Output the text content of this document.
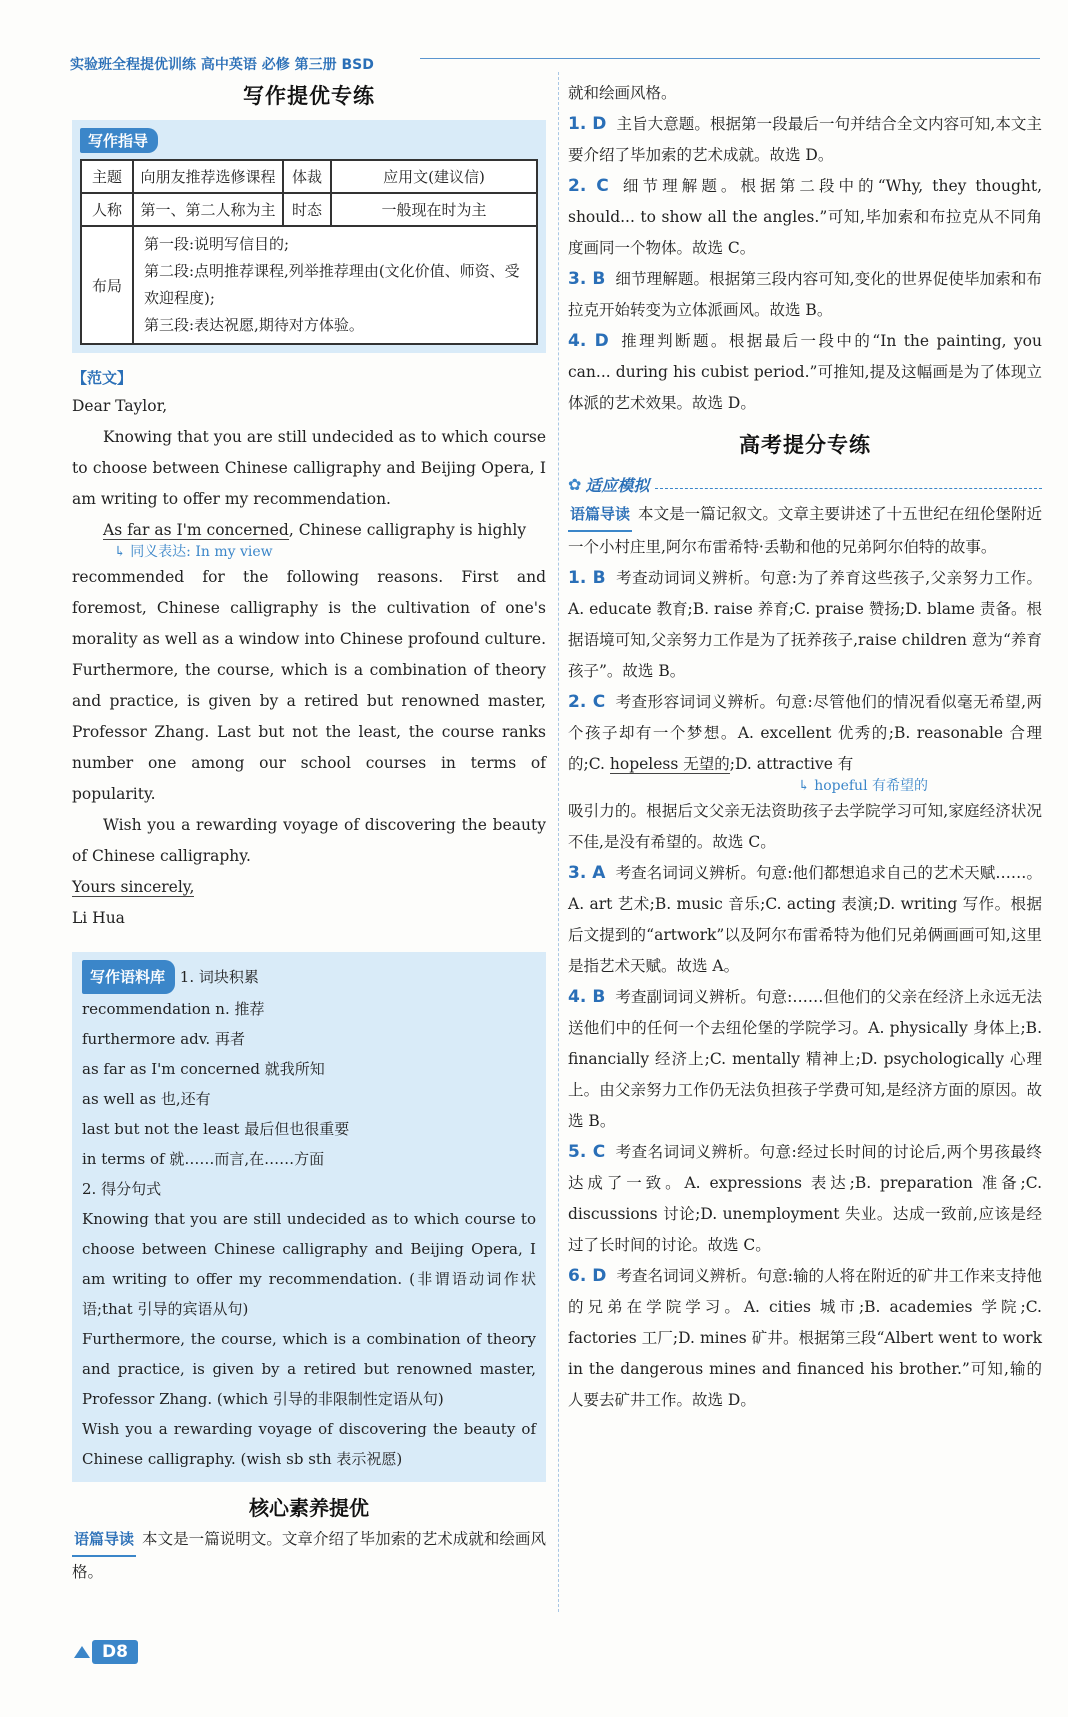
实验班全程提优训练 高中英语 必修 第三册 BSD
写作提优专练
写作指导
主题	向朋友推荐选修课程	体裁	应用文(建议信)
人称	第一、第二人称为主	时态	一般现在时为主
布局	第一段:说明写信目的;
第二段:点明推荐课程,列举推荐理由(文化价值、师资、受欢迎程度);
第三段:表达祝愿,期待对方体验。		
【范文】

Dear Taylor,

Knowing that you are still undecided as to which course to choose between Chinese calligraphy and Beijing Opera, I am writing to offer my recommendation.

As far as I'm concerned, Chinese calligraphy is highly

↳ 同义表达: In my view

recommended for the following reasons. First and foremost, Chinese calligraphy is the cultivation of one's morality as well as a window into Chinese profound culture. Furthermore, the course, which is a combination of theory and practice, is given by a retired but renowned master, Professor Zhang. Last but not the least, the course ranks number one among our school courses in terms of popularity.

Wish you a rewarding voyage of discovering the beauty of Chinese calligraphy.

Yours sincerely,

Li Hua

写作语料库 1. 词块积累

recommendation n. 推荐

furthermore adv. 再者

as far as I'm concerned 就我所知

as well as 也,还有

last but not the least 最后但也很重要

in terms of 就……而言,在……方面

2. 得分句式

Knowing that you are still undecided as to which course to choose between Chinese calligraphy and Beijing Opera, I am writing to offer my recommendation. (非谓语动词作状语;that 引导的宾语从句)

Furthermore, the course, which is a combination of theory and practice, is given by a retired but renowned master, Professor Zhang. (which 引导的非限制性定语从句)

Wish you a rewarding voyage of discovering the beauty of Chinese calligraphy. (wish sb sth 表示祝愿)

核心素养提优

语篇导读 本文是一篇说明文。文章介绍了毕加索的艺术成就和绘画风格。

就和绘画风格。

1. D 主旨大意题。根据第一段最后一句并结合全文内容可知,本文主要介绍了毕加索的艺术成就。故选 D。

2. C 细节理解题。根据第二段中的“Why, they thought, should... to show all the angles.”可知,毕加索和布拉克从不同角度画同一个物体。故选 C。

3. B 细节理解题。根据第三段内容可知,变化的世界促使毕加索和布拉克开始转变为立体派画风。故选 B。

4. D 推理判断题。根据最后一段中的“In the painting, you can... during his cubist period.”可推知,提及这幅画是为了体现立体派的艺术效果。故选 D。

高考提分专练
✿ 适应模拟

语篇导读 本文是一篇记叙文。文章主要讲述了十五世纪在纽伦堡附近一个小村庄里,阿尔布雷希特·丢勒和他的兄弟阿尔伯特的故事。

1. B 考查动词词义辨析。句意:为了养育这些孩子,父亲努力工作。A. educate 教育;B. raise 养育;C. praise 赞扬;D. blame 责备。根据语境可知,父亲努力工作是为了抚养孩子,raise children 意为“养育孩子”。故选 B。

2. C 考查形容词词义辨析。句意:尽管他们的情况看似毫无希望,两个孩子却有一个梦想。A. excellent 优秀的;B. reasonable 合理的;C. hopeless 无望的;D. attractive 有

↳ hopeful 有希望的

吸引力的。根据后文父亲无法资助孩子去学院学习可知,家庭经济状况不佳,是没有希望的。故选 C。

3. A 考查名词词义辨析。句意:他们都想追求自己的艺术天赋……。A. art 艺术;B. music 音乐;C. acting 表演;D. writing 写作。根据后文提到的“artwork”以及阿尔布雷希特为他们兄弟俩画画可知,这里是指艺术天赋。故选 A。

4. B 考查副词词义辨析。句意:……但他们的父亲在经济上永远无法送他们中的任何一个去纽伦堡的学院学习。A. physically 身体上;B. financially 经济上;C. mentally 精神上;D. psychologically 心理上。由父亲努力工作仍无法负担孩子学费可知,是经济方面的原因。故选 B。

5. C 考查名词词义辨析。句意:经过长时间的讨论后,两个男孩最终达成了一致。A. expressions 表达;B. preparation 准备;C. discussions 讨论;D. unemployment 失业。达成一致前,应该是经过了长时间的讨论。故选 C。

6. D 考查名词词义辨析。句意:输的人将在附近的矿井工作来支持他的兄弟在学院学习。A. cities 城市;B. academies 学院;C. factories 工厂;D. mines 矿井。根据第三段“Albert went to work in the dangerous mines and financed his brother.”可知,输的人要去矿井工作。故选 D。

D8
